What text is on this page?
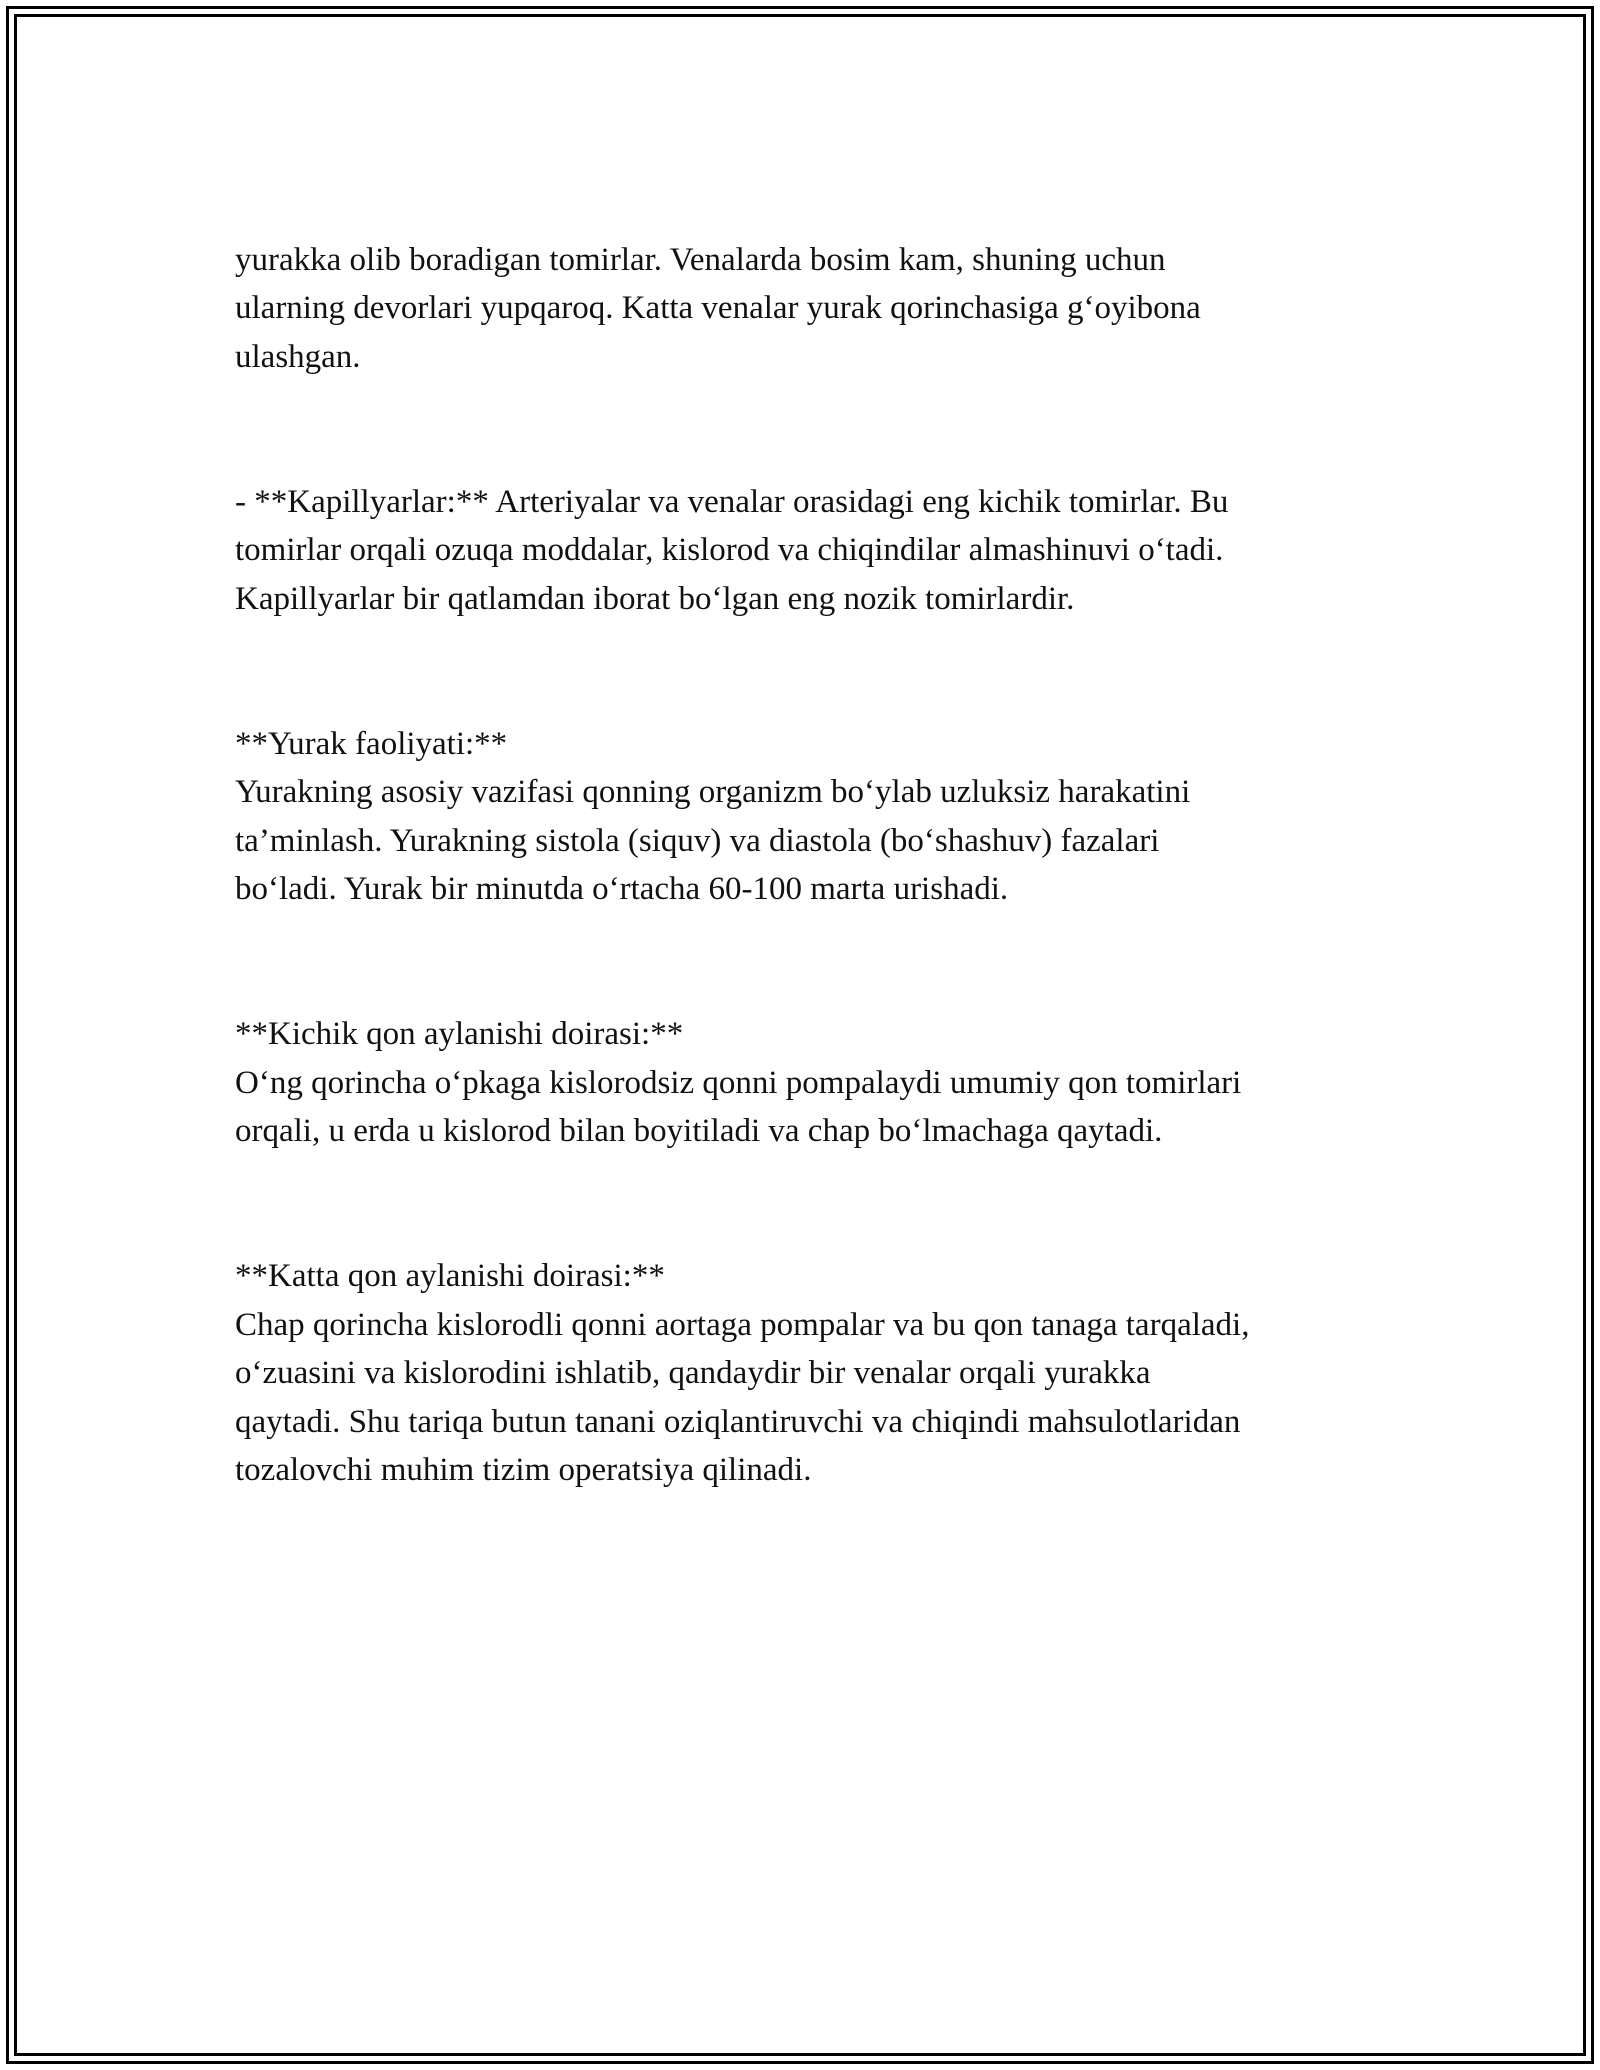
yurakka olib boradigan tomirlar. Venalarda bosim kam, shuning uchun
ularning devorlari yupqaroq. Katta venalar yurak qorinchasiga g‘oyibona
ulashgan.

- **Kapillyarlar:** Arteriyalar va venalar orasidagi eng kichik tomirlar. Bu
tomirlar orqali ozuqa moddalar, kislorod va chiqindilar almashinuvi o‘tadi.
Kapillyarlar bir qatlamdan iborat bo‘lgan eng nozik tomirlardir.

**Yurak faoliyati:**
Yurakning asosiy vazifasi qonning organizm bo‘ylab uzluksiz harakatini
ta’minlash. Yurakning sistola (siquv) va diastola (bo‘shashuv) fazalari
bo‘ladi. Yurak bir minutda o‘rtacha 60-100 marta urishadi.

**Kichik qon aylanishi doirasi:**
O‘ng qorincha o‘pkaga kislorodsiz qonni pompalaydi umumiy qon tomirlari
orqali, u erda u kislorod bilan boyitiladi va chap bo‘lmachaga qaytadi.

**Katta qon aylanishi doirasi:**
Chap qorincha kislorodli qonni aortaga pompalar va bu qon tanaga tarqaladi,
o‘zuasini va kislorodini ishlatib, qandaydir bir venalar orqali yurakka
qaytadi. Shu tariqa butun tanani oziqlantiruvchi va chiqindi mahsulotlaridan
tozalovchi muhim tizim operatsiya qilinadi.
